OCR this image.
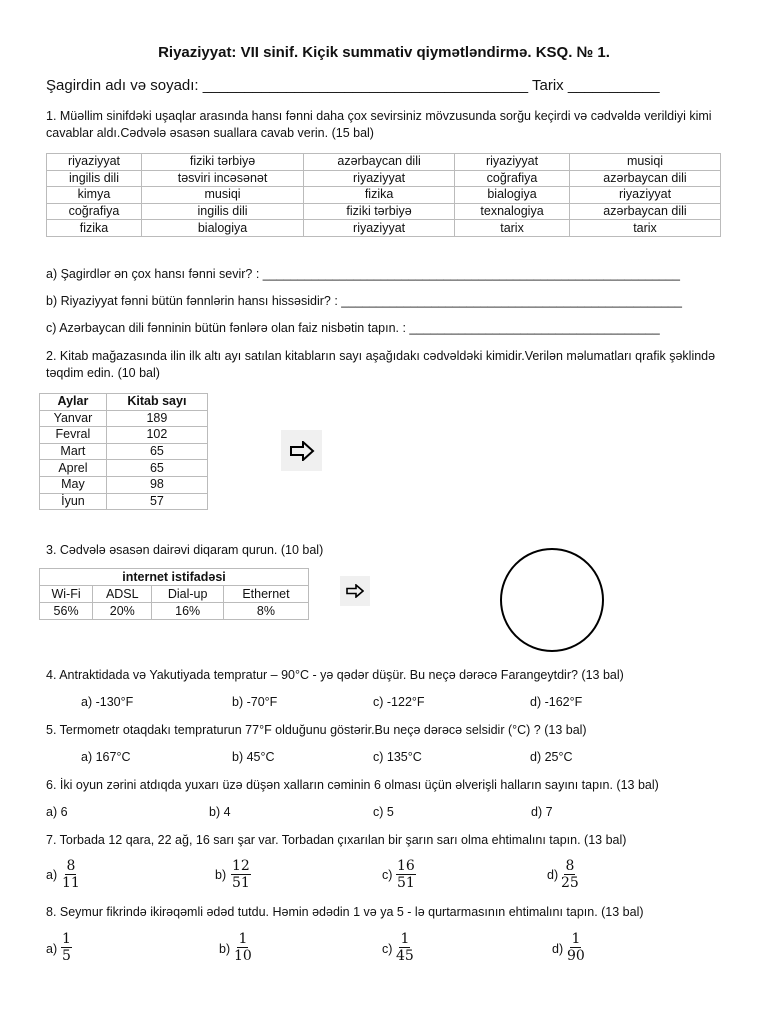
Riyaziyyat: VII sinif. Kiçik summativ qiymətləndirmə. KSQ. № 1.
Şagirdin adı və soyadı: _______________________________________ Tarix ___________
1. Müəllim sinifdəki uşaqlar arasında hansı fənni daha çox sevirsiniz mövzusunda sorğu keçirdi və cədvəldə verildiyi kimi cavablar aldı.Cədvələ əsasən suallara cavab verin. (15 bal)
riyaziyyat	fiziki tərbiyə	azərbaycan dili	riyaziyyat	musiqi
ingilis dili	təsviri incəsənət	riyaziyyat	coğrafiya	azərbaycan dili
kimya	musiqi	fizika	bialogiya	riyaziyyat
coğrafiya	ingilis dili	fiziki tərbiyə	texnalogiya	azərbaycan dili
fizika	bialogiya	riyaziyyat	tarix	tarix
a) Şagirdlər ən çox hansı fənni sevir? : ____________________________________________________________
b) Riyaziyyat fənni bütün fənnlərin hansı hissəsidir? : _________________________________________________
c) Azərbaycan dili fənninin bütün fənlərə olan faiz nisbətin tapın. : ____________________________________
2. Kitab mağazasında ilin ilk altı ayı satılan kitabların sayı aşağıdakı cədvəldəki kimidir.Verilən məlumatları qrafik şəklində təqdim edin. (10 bal)
Aylar	Kitab sayı
Yanvar	189
Fevral	102
Mart	65
Aprel	65
May	98
İyun	57
3. Cədvələ əsasən dairəvi diqaram qurun. (10 bal)
internet istifadəsi			
Wi-Fi	ADSL	Dial-up	Ethernet
56%	20%	16%	8%
4. Antraktidada və Yakutiyada tempratur – 90°C - yə qədər düşür. Bu neçə dərəcə Farangeytdir? (13 bal)
a) -130°F	b) -70°F	c) -122°F	d) -162°F
5. Termometr otaqdakı tempraturun 77°F olduğunu göstərir.Bu neçə dərəcə selsidir (°C) ? (13 bal)
a) 167°C	b) 45°C	c) 135°C	d) 25°C
6. İki oyun zərini atdıqda yuxarı üzə düşən xalların cəminin 6 olması üçün əlverişli halların sayını tapın. (13 bal)
a) 6	b) 4	c) 5	d) 7
7. Torbada 12 qara, 22 ağ, 16 sarı şar var. Torbadan çıxarılan bir şarın sarı olma ehtimalını tapın. (13 bal)
$a) \frac{8}{11}$	$b) \frac{12}{51}$	$c) \frac{16}{51}$	$d) \frac{8}{25}$
8. Seymur fikrində ikirəqəmli ədəd tutdu. Həmin ədədin 1 və ya 5 - lə qurtarmasının ehtimalını tapın. (13 bal)
$a) \frac{1}{5}$	$b) \frac{1}{10}$	$c) \frac{1}{45}$	$d) \frac{1}{90}$
